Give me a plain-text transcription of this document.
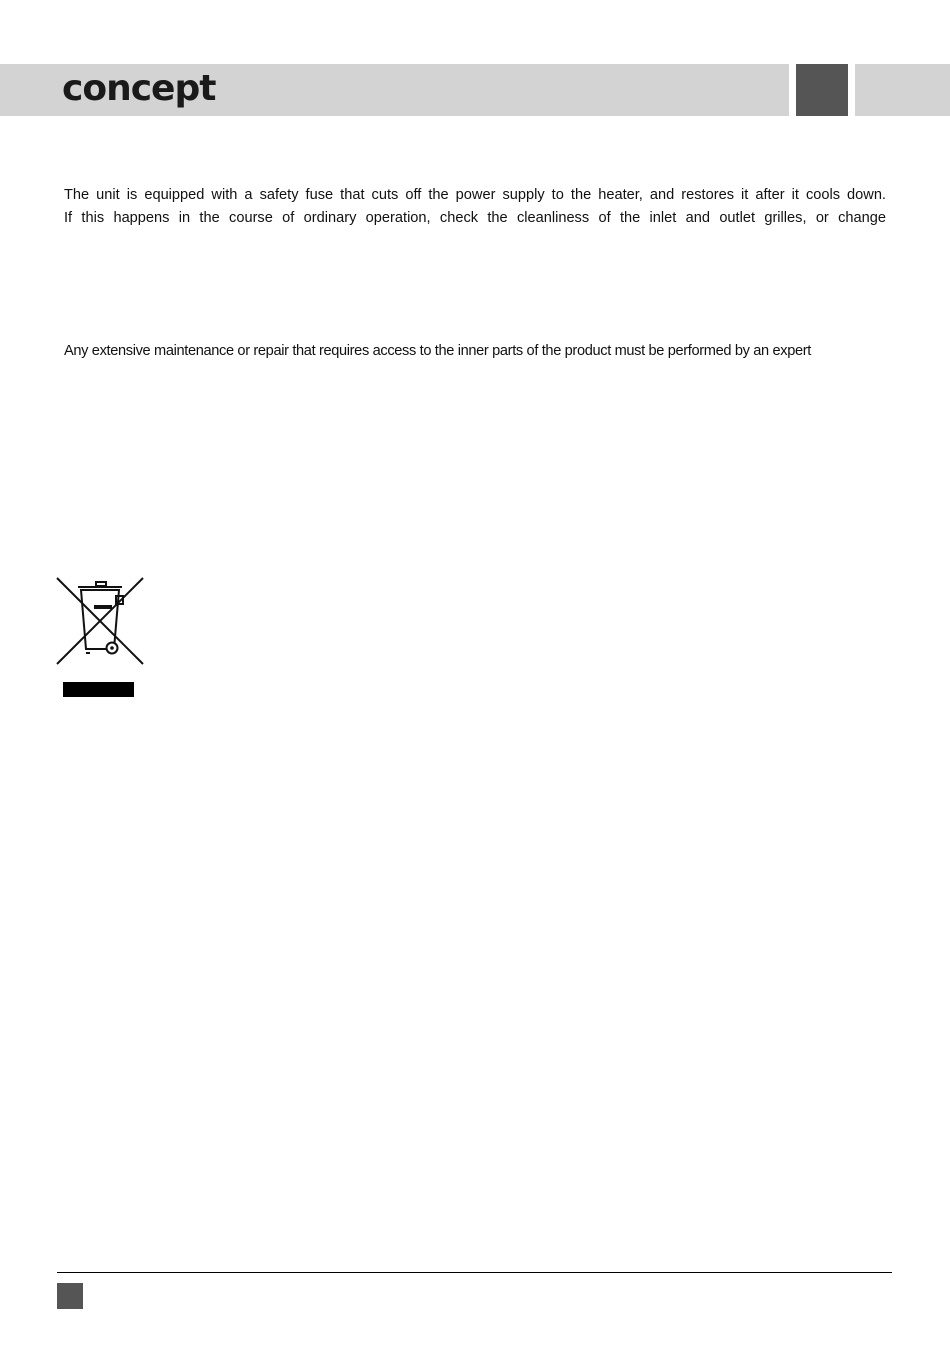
concept
The unit is equipped with a safety fuse that cuts off the power supply to the heater, and restores it after it cools down.
If this happens in the course of ordinary operation, check the cleanliness of the inlet and outlet grilles, or change

Any extensive maintenance or repair that requires access to the inner parts of the product must be performed by an expert
